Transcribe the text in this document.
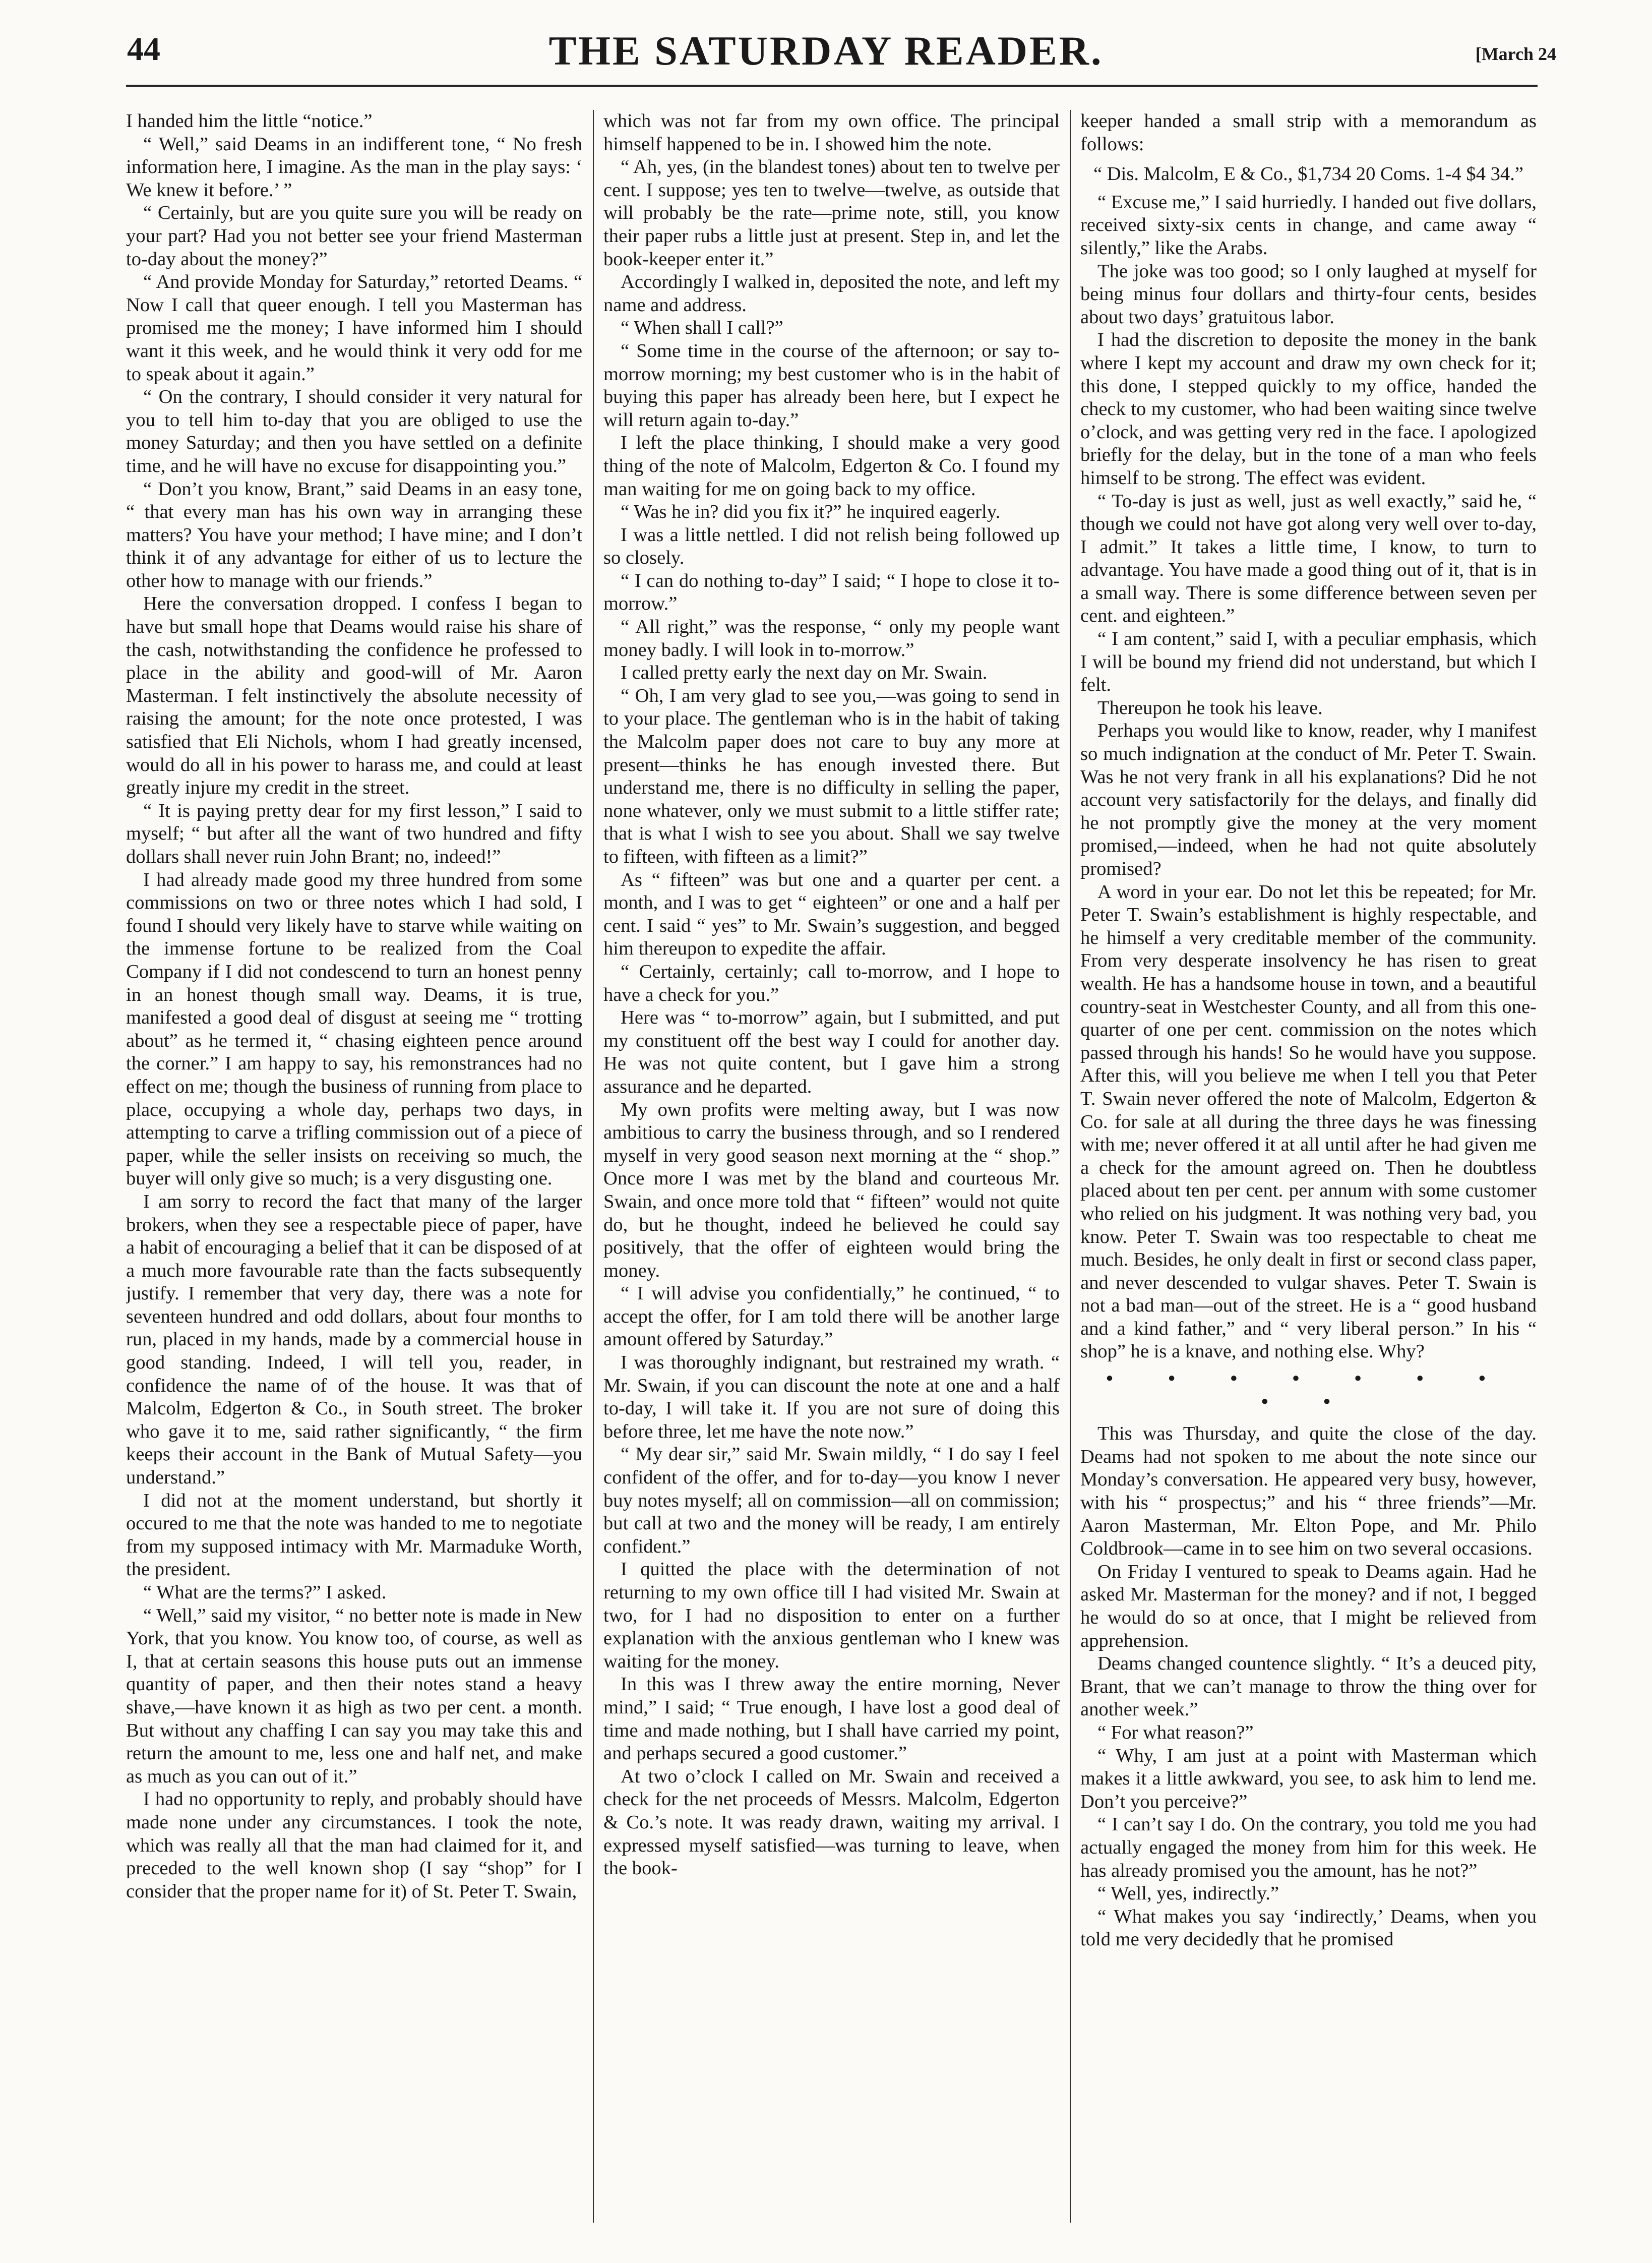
44	THE SATURDAY READER.	[March 24

I handed him the little “notice.”

“ Well,” said Deams in an indifferent tone, “ No fresh information here, I imagine. As the man in the play says: ‘ We knew it before.’ ”

“ Certainly, but are you quite sure you will be ready on your part? Had you not better see your friend Masterman to-day about the money?”

“ And provide Monday for Saturday,” retorted Deams. “ Now I call that queer enough. I tell you Masterman has promised me the money; I have informed him I should want it this week, and he would think it very odd for me to speak about it again.”

“ On the contrary, I should consider it very natural for you to tell him to-day that you are obliged to use the money Saturday; and then you have settled on a definite time, and he will have no excuse for disappointing you.”

“ Don’t you know, Brant,” said Deams in an easy tone, “ that every man has his own way in arranging these matters? You have your method; I have mine; and I don’t think it of any advantage for either of us to lecture the other how to manage with our friends.”

Here the conversation dropped. I confess I began to have but small hope that Deams would raise his share of the cash, notwithstanding the confidence he professed to place in the ability and good-will of Mr. Aaron Masterman. I felt instinctively the absolute necessity of raising the amount; for the note once protested, I was satisfied that Eli Nichols, whom I had greatly incensed, would do all in his power to harass me, and could at least greatly injure my credit in the street.

“ It is paying pretty dear for my first lesson,” I said to myself; “ but after all the want of two hundred and fifty dollars shall never ruin John Brant; no, indeed!”

I had already made good my three hundred from some commissions on two or three notes which I had sold, I found I should very likely have to starve while waiting on the immense fortune to be realized from the Coal Company if I did not condescend to turn an honest penny in an honest though small way. Deams, it is true, manifested a good deal of disgust at seeing me “ trotting about” as he termed it, “ chasing eighteen pence around the corner.” I am happy to say, his remonstrances had no effect on me; though the business of running from place to place, occupying a whole day, perhaps two days, in attempting to carve a trifling commission out of a piece of paper, while the seller insists on receiving so much, the buyer will only give so much; is a very disgusting one.

I am sorry to record the fact that many of the larger brokers, when they see a respectable piece of paper, have a habit of encouraging a belief that it can be disposed of at a much more favourable rate than the facts subsequently justify. I remember that very day, there was a note for seventeen hundred and odd dollars, about four months to run, placed in my hands, made by a commercial house in good standing. Indeed, I will tell you, reader, in confidence the name of of the house. It was that of Malcolm, Edgerton & Co., in South street. The broker who gave it to me, said rather significantly, “ the firm keeps their account in the Bank of Mutual Safety—you understand.”

I did not at the moment understand, but shortly it occured to me that the note was handed to me to negotiate from my supposed intimacy with Mr. Marmaduke Worth, the president.

“ What are the terms?” I asked.

“ Well,” said my visitor, “ no better note is made in New York, that you know. You know too, of course, as well as I, that at certain seasons this house puts out an immense quantity of paper, and then their notes stand a heavy shave,—have known it as high as two per cent. a month. But without any chaffing I can say you may take this and return the amount to me, less one and half net, and make as much as you can out of it.”

I had no opportunity to reply, and probably should have made none under any circumstances. I took the note, which was really all that the man had claimed for it, and preceded to the well known shop (I say “shop” for I consider that the proper name for it) of St. Peter T. Swain,

which was not far from my own office. The principal himself happened to be in. I showed him the note.

“ Ah, yes, (in the blandest tones) about ten to twelve per cent. I suppose; yes ten to twelve—twelve, as outside that will probably be the rate—prime note, still, you know their paper rubs a little just at present. Step in, and let the book-keeper enter it.”

Accordingly I walked in, deposited the note, and left my name and address.

“ When shall I call?”

“ Some time in the course of the afternoon; or say to-morrow morning; my best customer who is in the habit of buying this paper has already been here, but I expect he will return again to-day.”

I left the place thinking, I should make a very good thing of the note of Malcolm, Edgerton & Co. I found my man waiting for me on going back to my office.

“ Was he in? did you fix it?” he inquired eagerly.

I was a little nettled. I did not relish being followed up so closely.

“ I can do nothing to-day” I said; “ I hope to close it to-morrow.”

“ All right,” was the response, “ only my people want money badly. I will look in to-morrow.”

I called pretty early the next day on Mr. Swain.

“ Oh, I am very glad to see you,—was going to send in to your place. The gentleman who is in the habit of taking the Malcolm paper does not care to buy any more at present—thinks he has enough invested there. But understand me, there is no difficulty in selling the paper, none whatever, only we must submit to a little stiffer rate; that is what I wish to see you about. Shall we say twelve to fifteen, with fifteen as a limit?”

As “ fifteen” was but one and a quarter per cent. a month, and I was to get “ eighteen” or one and a half per cent. I said “ yes” to Mr. Swain’s suggestion, and begged him thereupon to expedite the affair.

“ Certainly, certainly; call to-morrow, and I hope to have a check for you.”

Here was “ to-morrow” again, but I submitted, and put my constituent off the best way I could for another day. He was not quite content, but I gave him a strong assurance and he departed.

My own profits were melting away, but I was now ambitious to carry the business through, and so I rendered myself in very good season next morning at the “ shop.” Once more I was met by the bland and courteous Mr. Swain, and once more told that “ fifteen” would not quite do, but he thought, indeed he believed he could say positively, that the offer of eighteen would bring the money.

“ I will advise you confidentially,” he continued, “ to accept the offer, for I am told there will be another large amount offered by Saturday.”

I was thoroughly indignant, but restrained my wrath. “ Mr. Swain, if you can discount the note at one and a half to-day, I will take it. If you are not sure of doing this before three, let me have the note now.”

“ My dear sir,” said Mr. Swain mildly, “ I do say I feel confident of the offer, and for to-day—you know I never buy notes myself; all on commission—all on commission; but call at two and the money will be ready, I am entirely confident.”

I quitted the place with the determination of not returning to my own office till I had visited Mr. Swain at two, for I had no disposition to enter on a further explanation with the anxious gentleman who I knew was waiting for the money.

In this was I threw away the entire morning, Never mind,” I said; “ True enough, I have lost a good deal of time and made nothing, but I shall have carried my point, and perhaps secured a good customer.”

At two o’clock I called on Mr. Swain and received a check for the net proceeds of Messrs. Malcolm, Edgerton & Co.’s note. It was ready drawn, waiting my arrival. I expressed myself satisfied—was turning to leave, when the book-

keeper handed a small strip with a memorandum as follows:

“ Dis. Malcolm, E & Co., $1,734 20 Coms. 1-4 $4 34.”

“ Excuse me,” I said hurriedly. I handed out five dollars, received sixty-six cents in change, and came away “ silently,” like the Arabs.

The joke was too good; so I only laughed at myself for being minus four dollars and thirty-four cents, besides about two days’ gratuitous labor.

I had the discretion to deposite the money in the bank where I kept my account and draw my own check for it; this done, I stepped quickly to my office, handed the check to my customer, who had been waiting since twelve o’clock, and was getting very red in the face. I apologized briefly for the delay, but in the tone of a man who feels himself to be strong. The effect was evident.

“ To-day is just as well, just as well exactly,” said he, “ though we could not have got along very well over to-day, I admit.” It takes a little time, I know, to turn to advantage. You have made a good thing out of it, that is in a small way. There is some difference between seven per cent. and eighteen.”

“ I am content,” said I, with a peculiar emphasis, which I will be bound my friend did not understand, but which I felt.

Thereupon he took his leave.

Perhaps you would like to know, reader, why I manifest so much indignation at the conduct of Mr. Peter T. Swain. Was he not very frank in all his explanations? Did he not account very satisfactorily for the delays, and finally did he not promptly give the money at the very moment promised,—indeed, when he had not quite absolutely promised?

A word in your ear. Do not let this be repeated; for Mr. Peter T. Swain’s establishment is highly respectable, and he himself a very creditable member of the community. From very desperate insolvency he has risen to great wealth. He has a handsome house in town, and a beautiful country-seat in Westchester County, and all from this one-quarter of one per cent. commission on the notes which passed through his hands! So he would have you suppose. After this, will you believe me when I tell you that Peter T. Swain never offered the note of Malcolm, Edgerton & Co. for sale at all during the three days he was finessing with me; never offered it at all until after he had given me a check for the amount agreed on. Then he doubtless placed about ten per cent. per annum with some customer who relied on his judgment. It was nothing very bad, you know. Peter T. Swain was too respectable to cheat me much. Besides, he only dealt in first or second class paper, and never descended to vulgar shaves. Peter T. Swain is not a bad man—out of the street. He is a “ good husband and a kind father,” and “ very liberal person.” In his “ shop” he is a knave, and nothing else. Why?

• • • • • • • • •

This was Thursday, and quite the close of the day. Deams had not spoken to me about the note since our Monday’s conversation. He appeared very busy, however, with his “ prospectus;” and his “ three friends”—Mr. Aaron Masterman, Mr. Elton Pope, and Mr. Philo Coldbrook—came in to see him on two several occasions.

On Friday I ventured to speak to Deams again. Had he asked Mr. Masterman for the money? and if not, I begged he would do so at once, that I might be relieved from apprehension.

Deams changed countence slightly. “ It’s a deuced pity, Brant, that we can’t manage to throw the thing over for another week.”

“ For what reason?”

“ Why, I am just at a point with Masterman which makes it a little awkward, you see, to ask him to lend me. Don’t you perceive?”

“ I can’t say I do. On the contrary, you told me you had actually engaged the money from him for this week. He has already promised you the amount, has he not?”

“ Well, yes, indirectly.”

“ What makes you say ‘indirectly,’ Deams, when you told me very decidedly that he promised
